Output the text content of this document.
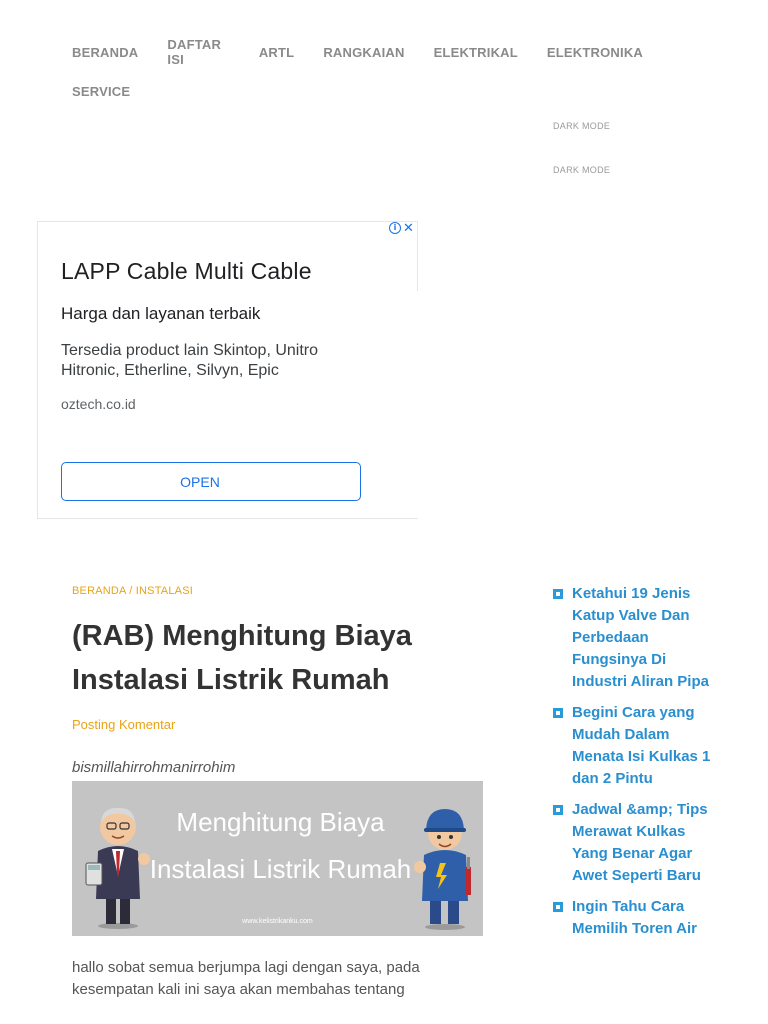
BERANDA DAFTAR ISI	ARTL RANGKAIAN ELEKTRIKAL ELEKTRONIKA
SERVICE
DARK MODE
DARK MODE
LAPP Cable Multi Cable
Harga dan layanan terbaik
Tersedia product lain Skintop, Unitro
Hitronic, Etherline, Silvyn, Epic
oztech.co.id
OPEN
i ✕
BERANDA / INSTALASI
(RAB) Menghitung Biaya Instalasi Listrik Rumah
Posting Komentar
bismillahirrohmanirrohim
Menghitung Biaya
Instalasi Listrik Rumah
www.kelistrikanku.com

hallo sobat semua berjumpa lagi dengan saya, pada kesempatan kali ini saya akan membahas tentang

Ketahui 19 Jenis Katup Valve Dan Perbedaan Fungsinya Di Industri Aliran Pipa
Begini Cara yang Mudah Dalam Menata Isi Kulkas 1 dan 2 Pintu
Jadwal &amp; Tips Merawat Kulkas Yang Benar Agar Awet Seperti Baru
Ingin Tahu Cara Memilih Toren Air
